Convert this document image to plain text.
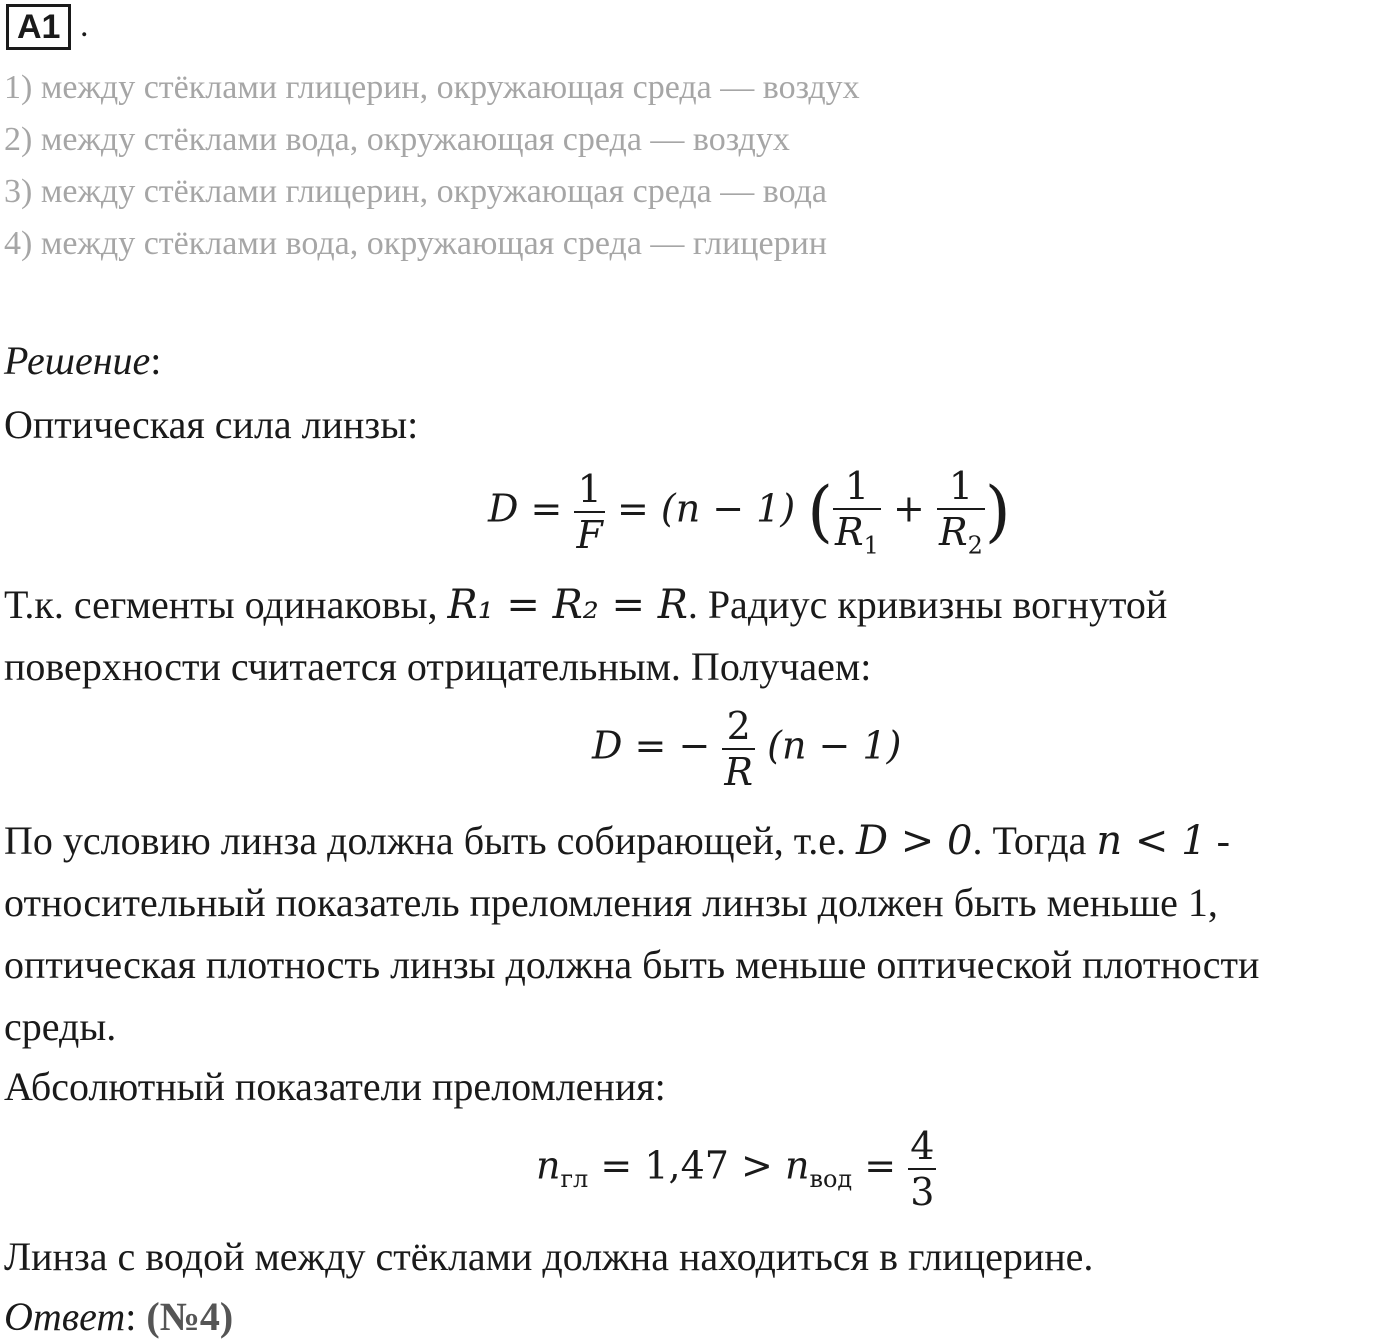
A1 .
1) между стёклами глицерин, окружающая среда — воздух
2) между стёклами вода, окружающая среда — воздух
3) между стёклами глицерин, окружающая среда — вода
4) между стёклами вода, окружающая среда — глицерин
Решение:
Оптическая сила линзы:
$D = \frac{1}{F} = (n - 1)$ ( $\frac{1}{R_1} + \frac{1}{R_2}$ )
Т.к. сегменты одинаковы, R₁ = R₂ = R. Радиус кривизны вогнутой
поверхности считается отрицательным. Получаем:
D = − $\frac{2}{R} (n - 1)$
По условию линза должна быть собирающей, т.е. D > 0. Тогда n < 1 -
относительный показатель преломления линзы должен быть меньше 1,
оптическая плотность линзы должна быть меньше оптической плотности
среды.
Абсолютный показатели преломления:
$n_{гл} = 1,47 > n_{вод} = \frac{4}{3}$
Линза с водой между стёклами должна находиться в глицерине.
Ответ: (№4)
